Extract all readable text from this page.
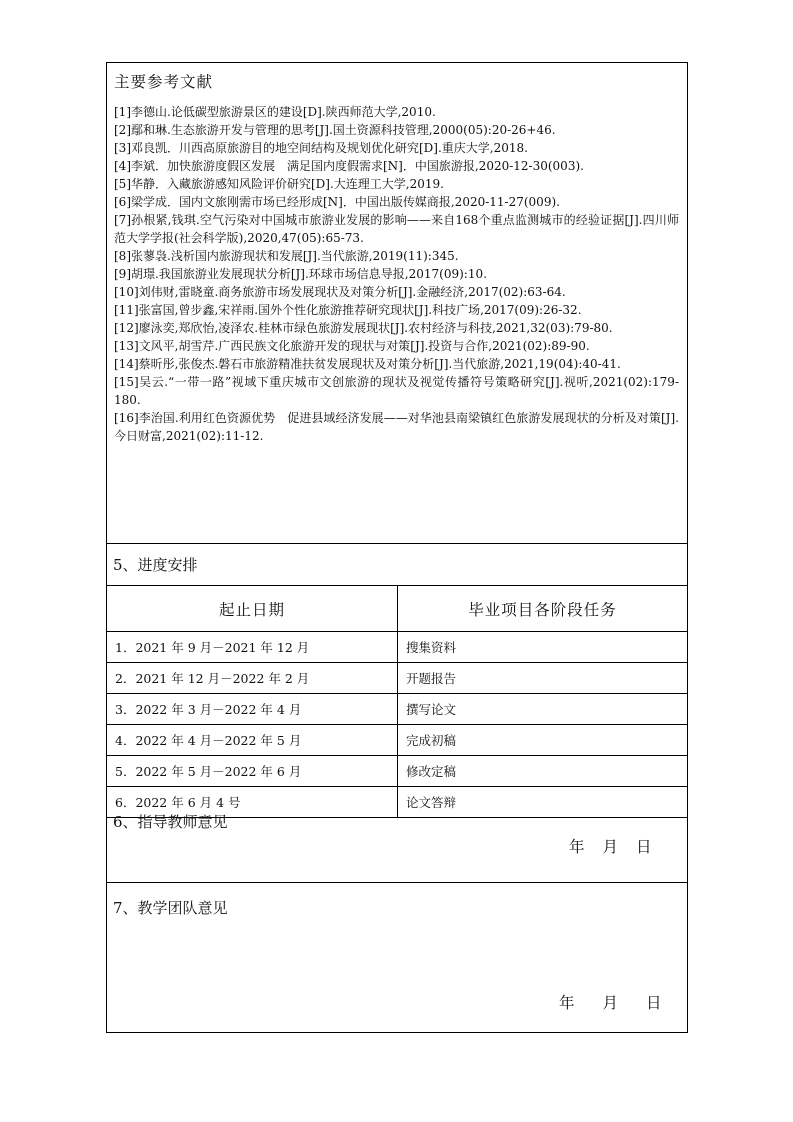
主要参考文献
[1]李德山.论低碳型旅游景区的建设[D].陕西师范大学,2010.
[2]鄢和琳.生态旅游开发与管理的思考[J].国土资源科技管理,2000(05):20-26+46.
[3]邓良凯．川西高原旅游目的地空间结构及规划优化研究[D].重庆大学,2018.
[4]李斌．加快旅游度假区发展　满足国内度假需求[N]．中国旅游报,2020-12-30(003).
[5]华静．入藏旅游感知风险评价研究[D].大连理工大学,2019.
[6]梁学成．国内文旅刚需市场已经形成[N]．中国出版传媒商报,2020-11-27(009).
[7]孙根紧,钱琪.空气污染对中国城市旅游业发展的影响——来自168个重点监测城市的经验证据[J].四川师范大学学报(社会科学版),2020,47(05):65-73.
[8]张蓼袅.浅析国内旅游现状和发展[J].当代旅游,2019(11):345.
[9]胡璟.我国旅游业发展现状分析[J].环球市场信息导报,2017(09):10.
[10]刘伟财,雷晓童.商务旅游市场发展现状及对策分析[J].金融经济,2017(02):63-64.
[11]张富国,曾步鑫,宋祥雨.国外个性化旅游推荐研究现状[J].科技广场,2017(09):26-32.
[12]廖泳奕,郑欣怡,凌泽农.桂林市绿色旅游发展现状[J].农村经济与科技,2021,32(03):79-80.
[13]文风平,胡雪芹.广西民族文化旅游开发的现状与对策[J].投资与合作,2021(02):89-90.
[14]蔡昕彤,张俊杰.磐石市旅游精准扶贫发展现状及对策分析[J].当代旅游,2021,19(04):40-41.
[15]吴云.“一带一路”视域下重庆城市文创旅游的现状及视觉传播符号策略研究[J].视听,2021(02):179-180.
[16]李治国.利用红色资源优势　促进县域经济发展——对华池县南梁镇红色旅游发展现状的分析及对策[J].今日财富,2021(02):11-12.
5、进度安排
起止日期	毕业项目各阶段任务
1．2021 年 9 月－2021 年 12 月	搜集资料
2．2021 年 12 月－2022 年 2 月	开题报告
3．2022 年 3 月－2022 年 4 月	撰写论文
4．2022 年 4 月－2022 年 5 月	完成初稿
5．2022 年 5 月－2022 年 6 月	修改定稿
6．2022 年 6 月 4 号	论文答辩
6、指导教师意见
年 月 日
7、教学团队意见
年 月 日
